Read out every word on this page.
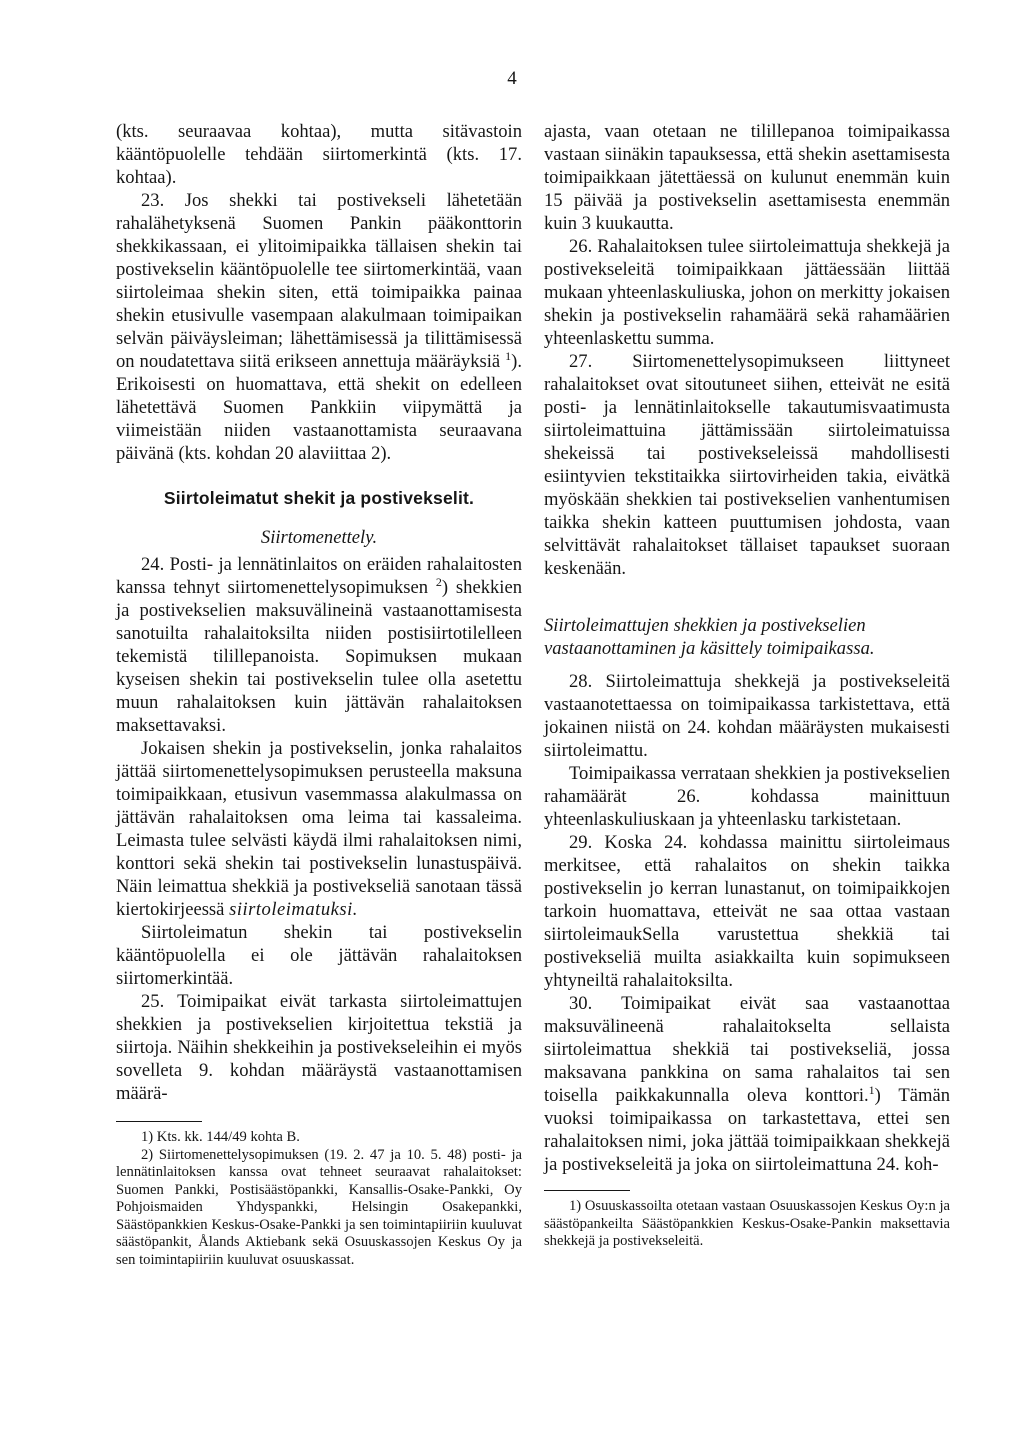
4

(kts. seuraavaa kohtaa), mutta sitävastoin kääntöpuolelle tehdään siirtomerkintä (kts. 17. kohtaa).

23. Jos shekki tai postivekseli lähetetään rahalähetyksenä Suomen Pankin pääkonttorin shekkikassaan, ei ylitoimipaikka tällaisen shekin tai postivekselin kääntöpuolelle tee siirtomerkintää, vaan siirtoleimaa shekin siten, että toimipaikka painaa shekin etusivulle vasempaan alakulmaan toimipaikan selvän päiväysleiman; lähettämisessä ja tilittämisessä on noudatettava siitä erikseen annettuja määräyksiä $^1$). Erikoisesti on huomattava, että shekit on edelleen lähetettävä Suomen Pankkiin viipymättä ja viimeistään niiden vastaanottamista seuraavana päivänä (kts. kohdan 20 alaviittaa 2).

Siirtoleimatut shekit ja postivekselit.
Siirtomenettely.

24. Posti- ja lennätinlaitos on eräiden rahalaitosten kanssa tehnyt siirtomenettelysopimuksen $^2$) shekkien ja postivekselien maksuvälineinä vastaanottamisesta sanotuilta rahalaitoksilta niiden postisiirtotilelleen tekemistä tilillepanoista. Sopimuksen mukaan kyseisen shekin tai postivekselin tulee olla asetettu muun rahalaitoksen kuin jättävän rahalaitoksen maksettavaksi.

Jokaisen shekin ja postivekselin, jonka rahalaitos jättää siirtomenettelysopimuksen perusteella maksuna toimipaikkaan, etusivun vasemmassa alakulmassa on jättävän rahalaitoksen oma leima tai kassaleima. Leimasta tulee selvästi käydä ilmi rahalaitoksen nimi, konttori sekä shekin tai postivekselin lunastuspäivä. Näin leimattua shekkiä ja postivekseliä sanotaan tässä kiertokirjeessä siirtoleimatuksi.

Siirtoleimatun shekin tai postivekselin kääntöpuolella ei ole jättävän rahalaitoksen siirtomerkintää.

25. Toimipaikat eivät tarkasta siirtoleimattujen shekkien ja postivekselien kirjoitettua tekstiä ja siirtoja. Näihin shekkeihin ja postivekseleihin ei myös sovelleta 9. kohdan määräystä vastaanottamisen määrä-

1) Kts. kk. 144/49 kohta B.

2) Siirtomenettelysopimuksen (19. 2. 47 ja 10. 5. 48) posti- ja lennätinlaitoksen kanssa ovat tehneet seuraavat rahalaitokset: Suomen Pankki, Postisäästöpankki, Kansallis-Osake-Pankki, Oy Pohjoismaiden Yhdyspankki, Helsingin Osakepankki, Säästöpankkien Keskus-Osake-Pankki ja sen toimintapiiriin kuuluvat säästöpankit, Ålands Aktiebank sekä Osuuskassojen Keskus Oy ja sen toimintapiiriin kuuluvat osuuskassat.

ajasta, vaan otetaan ne tilillepanoa toimipaikassa vastaan siinäkin tapauksessa, että shekin asettamisesta toimipaikkaan jätettäessä on kulunut enemmän kuin 15 päivää ja postivekselin asettamisesta enemmän kuin 3 kuukautta.

26. Rahalaitoksen tulee siirtoleimattuja shekkejä ja postivekseleitä toimipaikkaan jättäessään liittää mukaan yhteenlaskuliuska, johon on merkitty jokaisen shekin ja postivekselin rahamäärä sekä rahamäärien yhteenlaskettu summa.

27. Siirtomenettelysopimukseen liittyneet rahalaitokset ovat sitoutuneet siihen, etteivät ne esitä posti- ja lennätinlaitokselle takautumisvaatimusta siirtoleimattuina jättämissään siirtoleimatuissa shekeissä tai postivekseleissä mahdollisesti esiintyvien tekstitaikka siirtovirheiden takia, eivätkä myöskään shekkien tai postivekselien vanhentumisen taikka shekin katteen puuttumisen johdosta, vaan selvittävät rahalaitokset tällaiset tapaukset suoraan keskenään.

Siirtoleimattujen shekkien ja postivekselien vastaanottaminen ja käsittely toimipaikassa.

28. Siirtoleimattuja shekkejä ja postivekseleitä vastaanotettaessa on toimipaikassa tarkistettava, että jokainen niistä on 24. kohdan määräysten mukaisesti siirtoleimattu.

Toimipaikassa verrataan shekkien ja postivekselien rahamäärät 26. kohdassa mainittuun yhteenlaskuliuskaan ja yhteenlasku tarkistetaan.

29. Koska 24. kohdassa mainittu siirtoleimaus merkitsee, että rahalaitos on shekin taikka postivekselin jo kerran lunastanut, on toimipaikkojen tarkoin huomattava, etteivät ne saa ottaa vastaan siirtoleimaukSella varustettua shekkiä tai postivekseliä muilta asiakkailta kuin sopimukseen yhtyneiltä rahalaitoksilta.

30. Toimipaikat eivät saa vastaanottaa maksuvälineenä rahalaitokselta sellaista siirtoleimattua shekkiä tai postivekseliä, jossa maksavana pankkina on sama rahalaitos tai sen toisella paikkakunnalla oleva konttori.$^1$) Tämän vuoksi toimipaikassa on tarkastettava, ettei sen rahalaitoksen nimi, joka jättää toimipaikkaan shekkejä ja postivekseleitä ja joka on siirtoleimattuna 24. koh-

1) Osuuskassoilta otetaan vastaan Osuuskassojen Keskus Oy:n ja säästöpankeilta Säästöpankkien Keskus-Osake-Pankin maksettavia shekkejä ja postivekseleitä.
